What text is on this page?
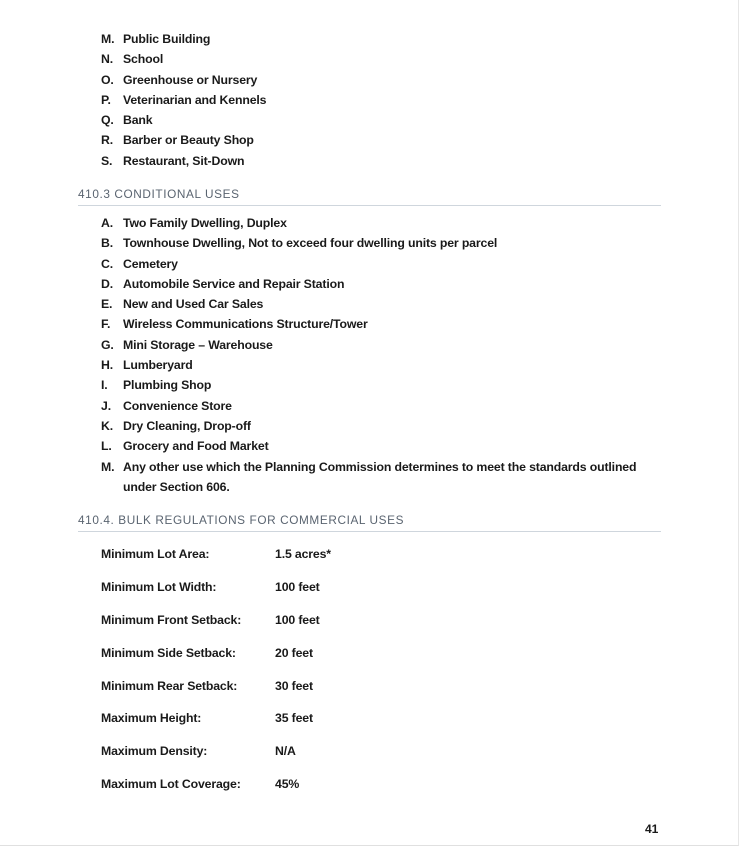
M. Public Building
N. School
O. Greenhouse or Nursery
P. Veterinarian and Kennels
Q. Bank
R. Barber or Beauty Shop
S. Restaurant, Sit-Down
410.3 CONDITIONAL USES
A. Two Family Dwelling, Duplex
B. Townhouse Dwelling, Not to exceed four dwelling units per parcel
C. Cemetery
D. Automobile Service and Repair Station
E. New and Used Car Sales
F.	Wireless Communications Structure/Tower
G. Mini Storage – Warehouse
H. Lumberyard
I.	Plumbing Shop
J. Convenience Store
K. Dry Cleaning, Drop-off
L. Grocery and Food Market
M. Any other use which the Planning Commission determines to meet the standards outlined under Section 606.
410.4. BULK REGULATIONS FOR COMMERCIAL USES
Minimum Lot Area:	1.5 acres*
Minimum Lot Width:	100 feet
Minimum Front Setback:	100 feet
Minimum Side Setback:	20 feet
Minimum Rear Setback:	30 feet
Maximum Height:	35 feet
Maximum Density:	N/A
Maximum Lot Coverage:	45%
41
